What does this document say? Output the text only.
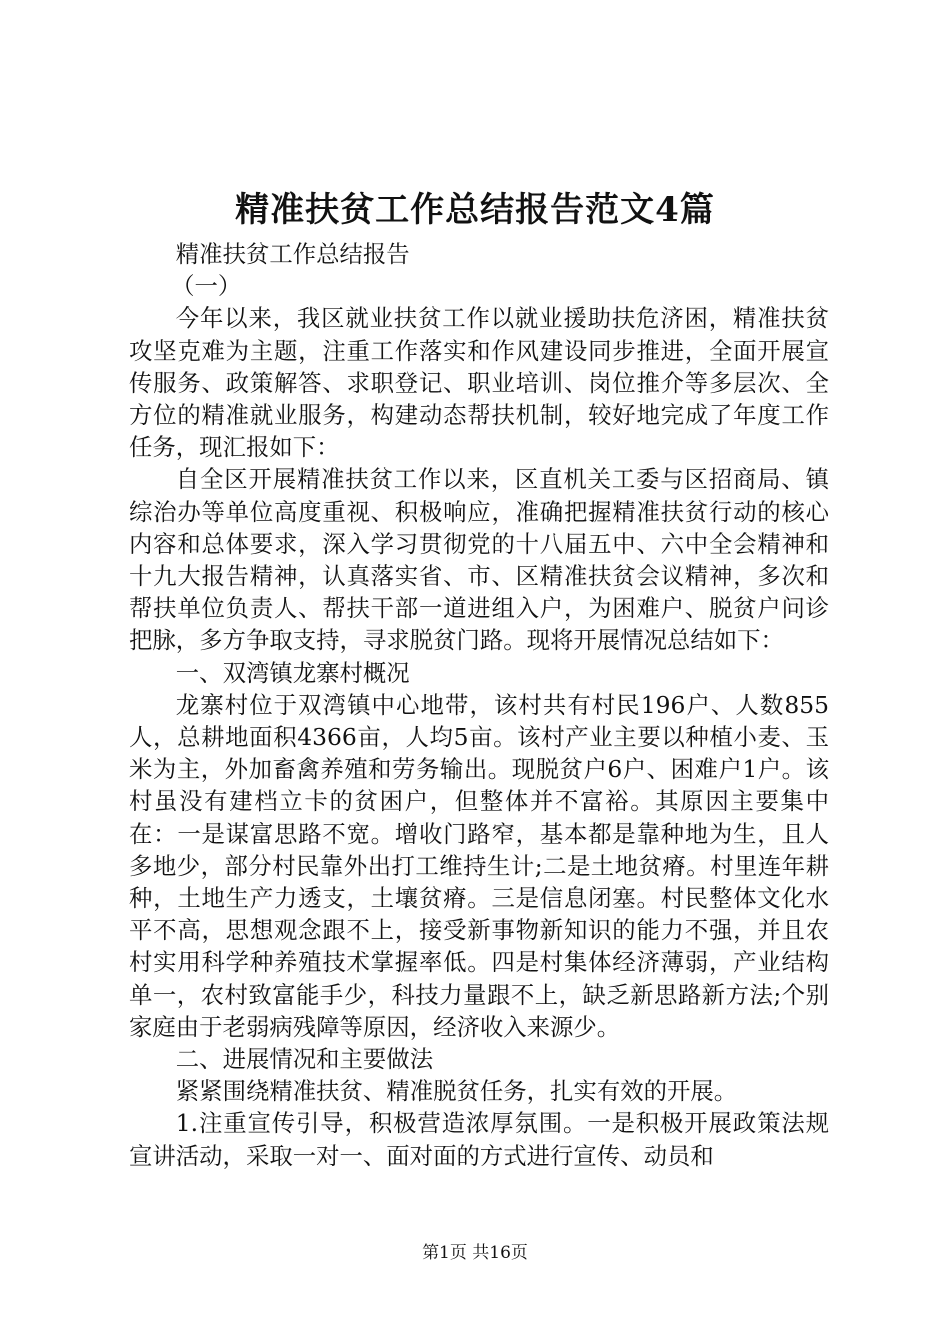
精准扶贫工作总结报告范文4篇

精准扶贫工作总结报告

（一）

今年以来，我区就业扶贫工作以就业援助扶危济困，精准扶贫攻坚克难为主题，注重工作落实和作风建设同步推进，全面开展宣传服务、政策解答、求职登记、职业培训、岗位推介等多层次、全方位的精准就业服务，构建动态帮扶机制，较好地完成了年度工作任务，现汇报如下：

自全区开展精准扶贫工作以来，区直机关工委与区招商局、镇综治办等单位高度重视、积极响应，准确把握精准扶贫行动的核心内容和总体要求，深入学习贯彻党的十八届五中、六中全会精神和十九大报告精神，认真落实省、市、区精准扶贫会议精神，多次和帮扶单位负责人、帮扶干部一道进组入户，为困难户、脱贫户问诊把脉，多方争取支持，寻求脱贫门路。现将开展情况总结如下：

一、双湾镇龙寨村概况

龙寨村位于双湾镇中心地带，该村共有村民196户、人数855人，总耕地面积4366亩，人均5亩。该村产业主要以种植小麦、玉米为主，外加畜禽养殖和劳务输出。现脱贫户6户、困难户1户。该村虽没有建档立卡的贫困户，但整体并不富裕。其原因主要集中在：一是谋富思路不宽。增收门路窄，基本都是靠种地为生，且人多地少，部分村民靠外出打工维持生计;二是土地贫瘠。村里连年耕种，土地生产力透支，土壤贫瘠。三是信息闭塞。村民整体文化水平不高，思想观念跟不上，接受新事物新知识的能力不强，并且农村实用科学种养殖技术掌握率低。四是村集体经济薄弱，产业结构单一，农村致富能手少，科技力量跟不上，缺乏新思路新方法;个别家庭由于老弱病残障等原因，经济收入来源少。

二、进展情况和主要做法

紧紧围绕精准扶贫、精准脱贫任务，扎实有效的开展。

1.注重宣传引导，积极营造浓厚氛围。一是积极开展政策法规宣讲活动，采取一对一、面对面的方式进行宣传、动员和

第1页 共16页
